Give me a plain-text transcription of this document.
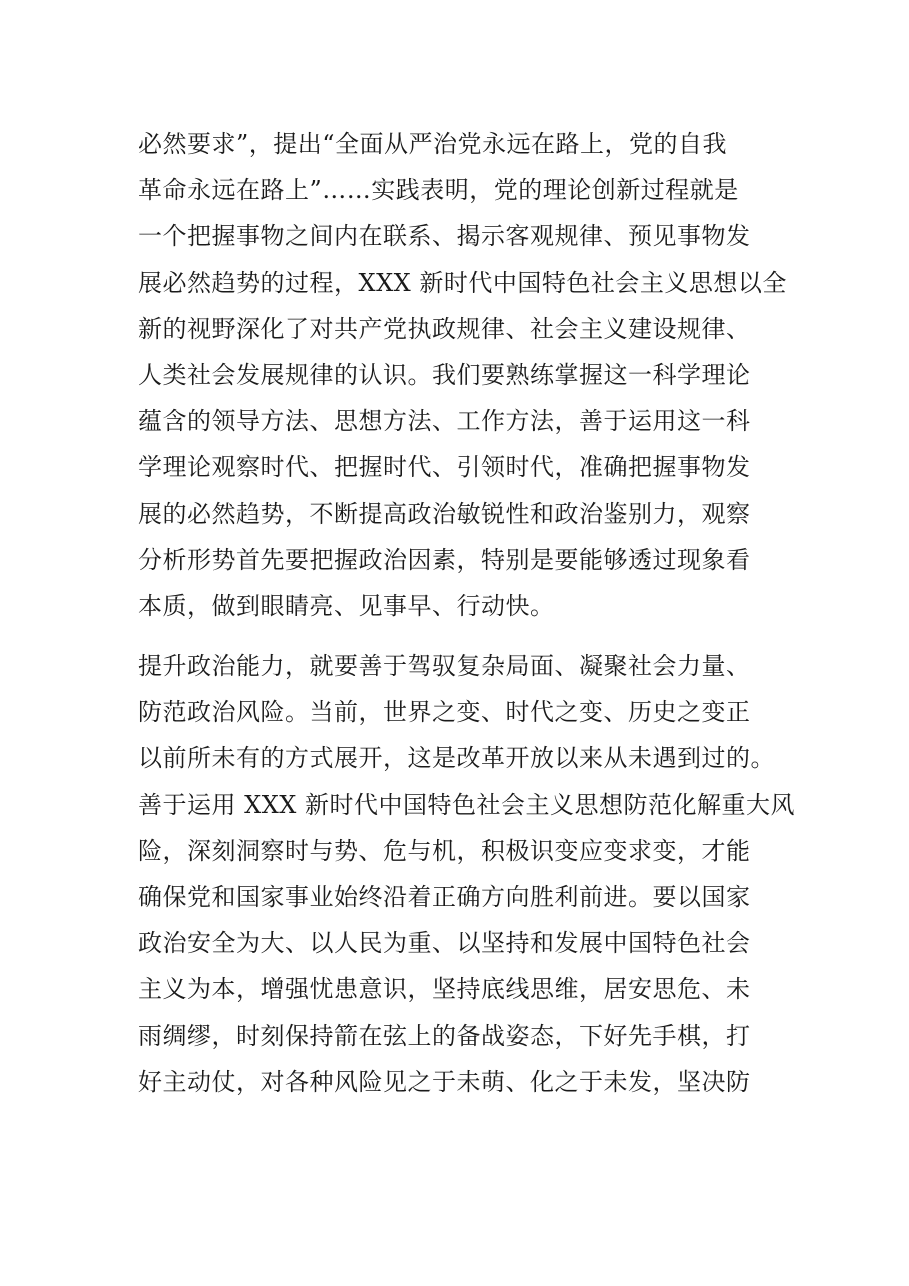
必然要求”，提出“全面从严治党永远在路上，党的自我
革命永远在路上”……实践表明，党的理论创新过程就是
一个把握事物之间内在联系、揭示客观规律、预见事物发
展必然趋势的过程，XXX 新时代中国特色社会主义思想以全
新的视野深化了对共产党执政规律、社会主义建设规律、
人类社会发展规律的认识。我们要熟练掌握这一科学理论
蕴含的领导方法、思想方法、工作方法，善于运用这一科
学理论观察时代、把握时代、引领时代，准确把握事物发
展的必然趋势，不断提高政治敏锐性和政治鉴别力，观察
分析形势首先要把握政治因素，特别是要能够透过现象看
本质，做到眼睛亮、见事早、行动快。
提升政治能力，就要善于驾驭复杂局面、凝聚社会力量、
防范政治风险。当前，世界之变、时代之变、历史之变正
以前所未有的方式展开，这是改革开放以来从未遇到过的。
善于运用 XXX 新时代中国特色社会主义思想防范化解重大风
险，深刻洞察时与势、危与机，积极识变应变求变，才能
确保党和国家事业始终沿着正确方向胜利前进。要以国家
政治安全为大、以人民为重、以坚持和发展中国特色社会
主义为本，增强忧患意识，坚持底线思维，居安思危、未
雨绸缪，时刻保持箭在弦上的备战姿态，下好先手棋，打
好主动仗，对各种风险见之于未萌、化之于未发，坚决防
